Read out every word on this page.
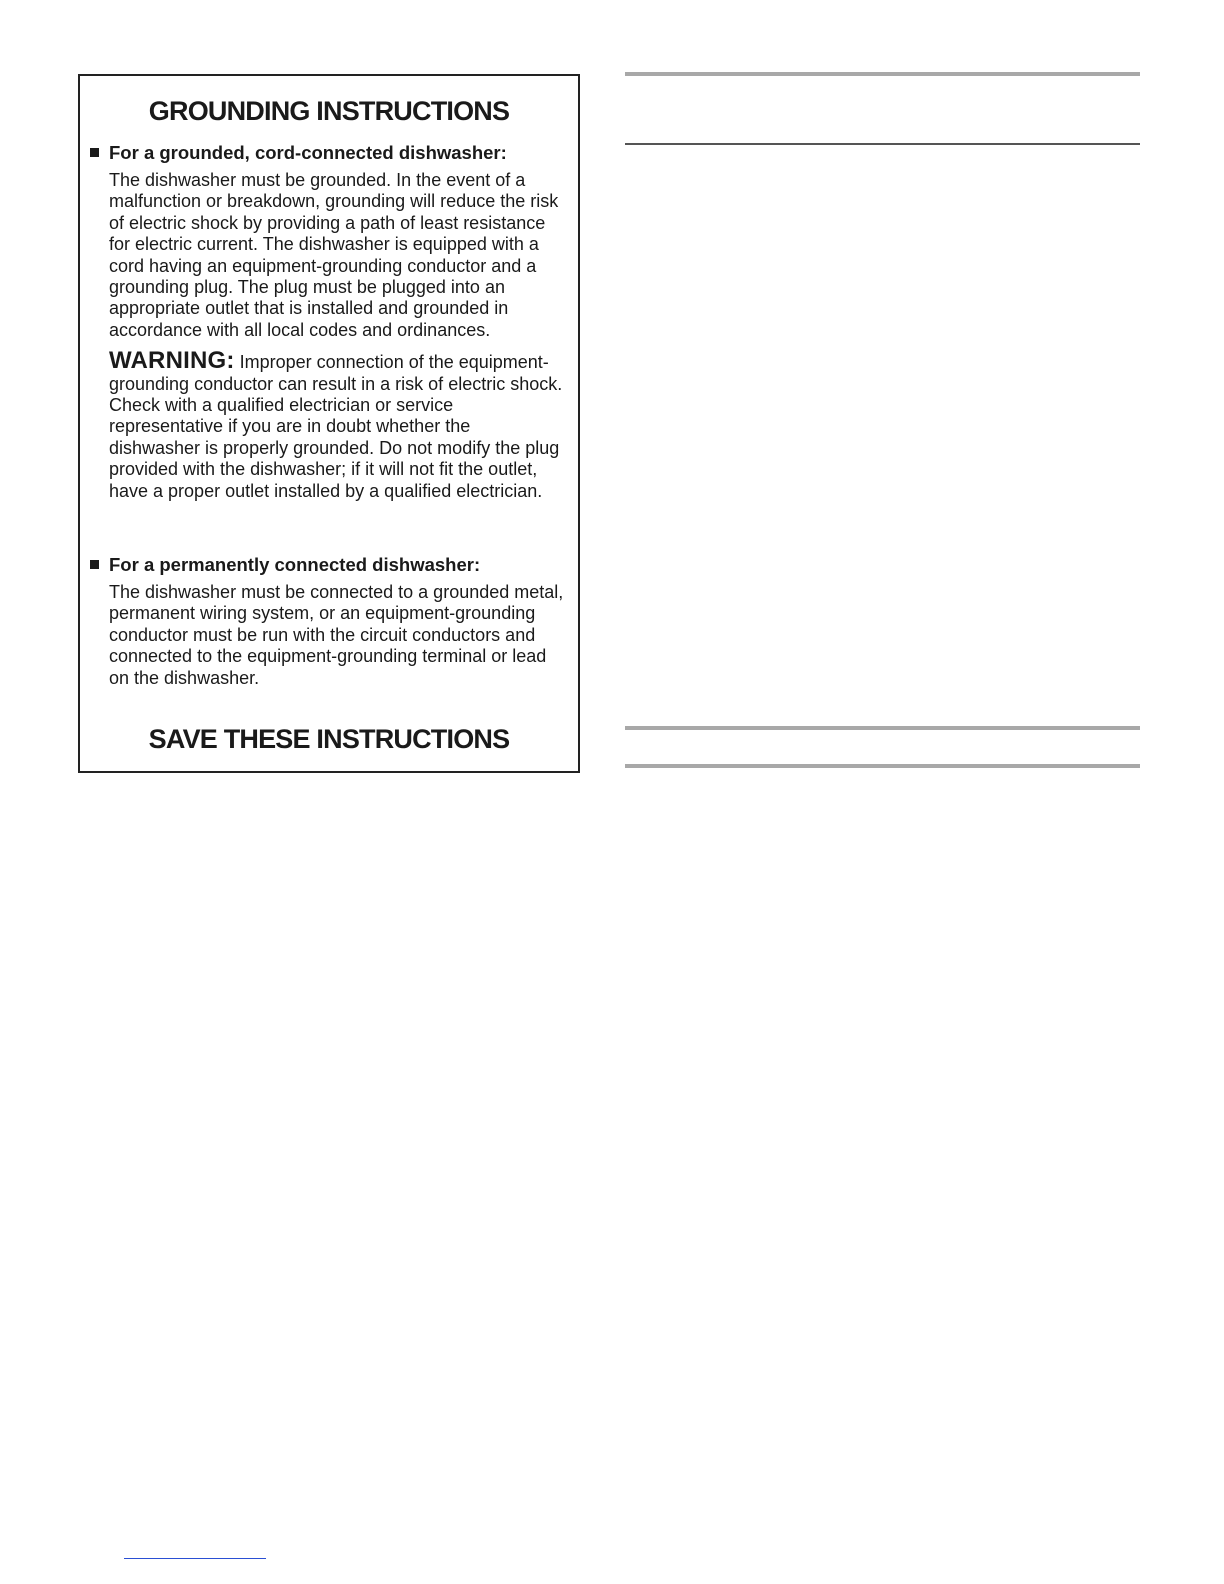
GROUNDING INSTRUCTIONS
For a grounded, cord-connected dishwasher:

The dishwasher must be grounded. In the event of a malfunction or breakdown, grounding will reduce the risk of electric shock by providing a path of least resistance for electric current. The dishwasher is equipped with a cord having an equipment-grounding conductor and a grounding plug. The plug must be plugged into an appropriate outlet that is installed and grounded in accordance with all local codes and ordinances.

WARNING: Improper connection of the equipment-grounding conductor can result in a risk of electric shock. Check with a qualified electrician or service representative if you are in doubt whether the dishwasher is properly grounded. Do not modify the plug provided with the dishwasher; if it will not fit the outlet, have a proper outlet installed by a qualified electrician.

For a permanently connected dishwasher:

The dishwasher must be connected to a grounded metal, permanent wiring system, or an equipment-grounding conductor must be run with the circuit conductors and connected to the equipment-grounding terminal or lead on the dishwasher.

SAVE THESE INSTRUCTIONS
